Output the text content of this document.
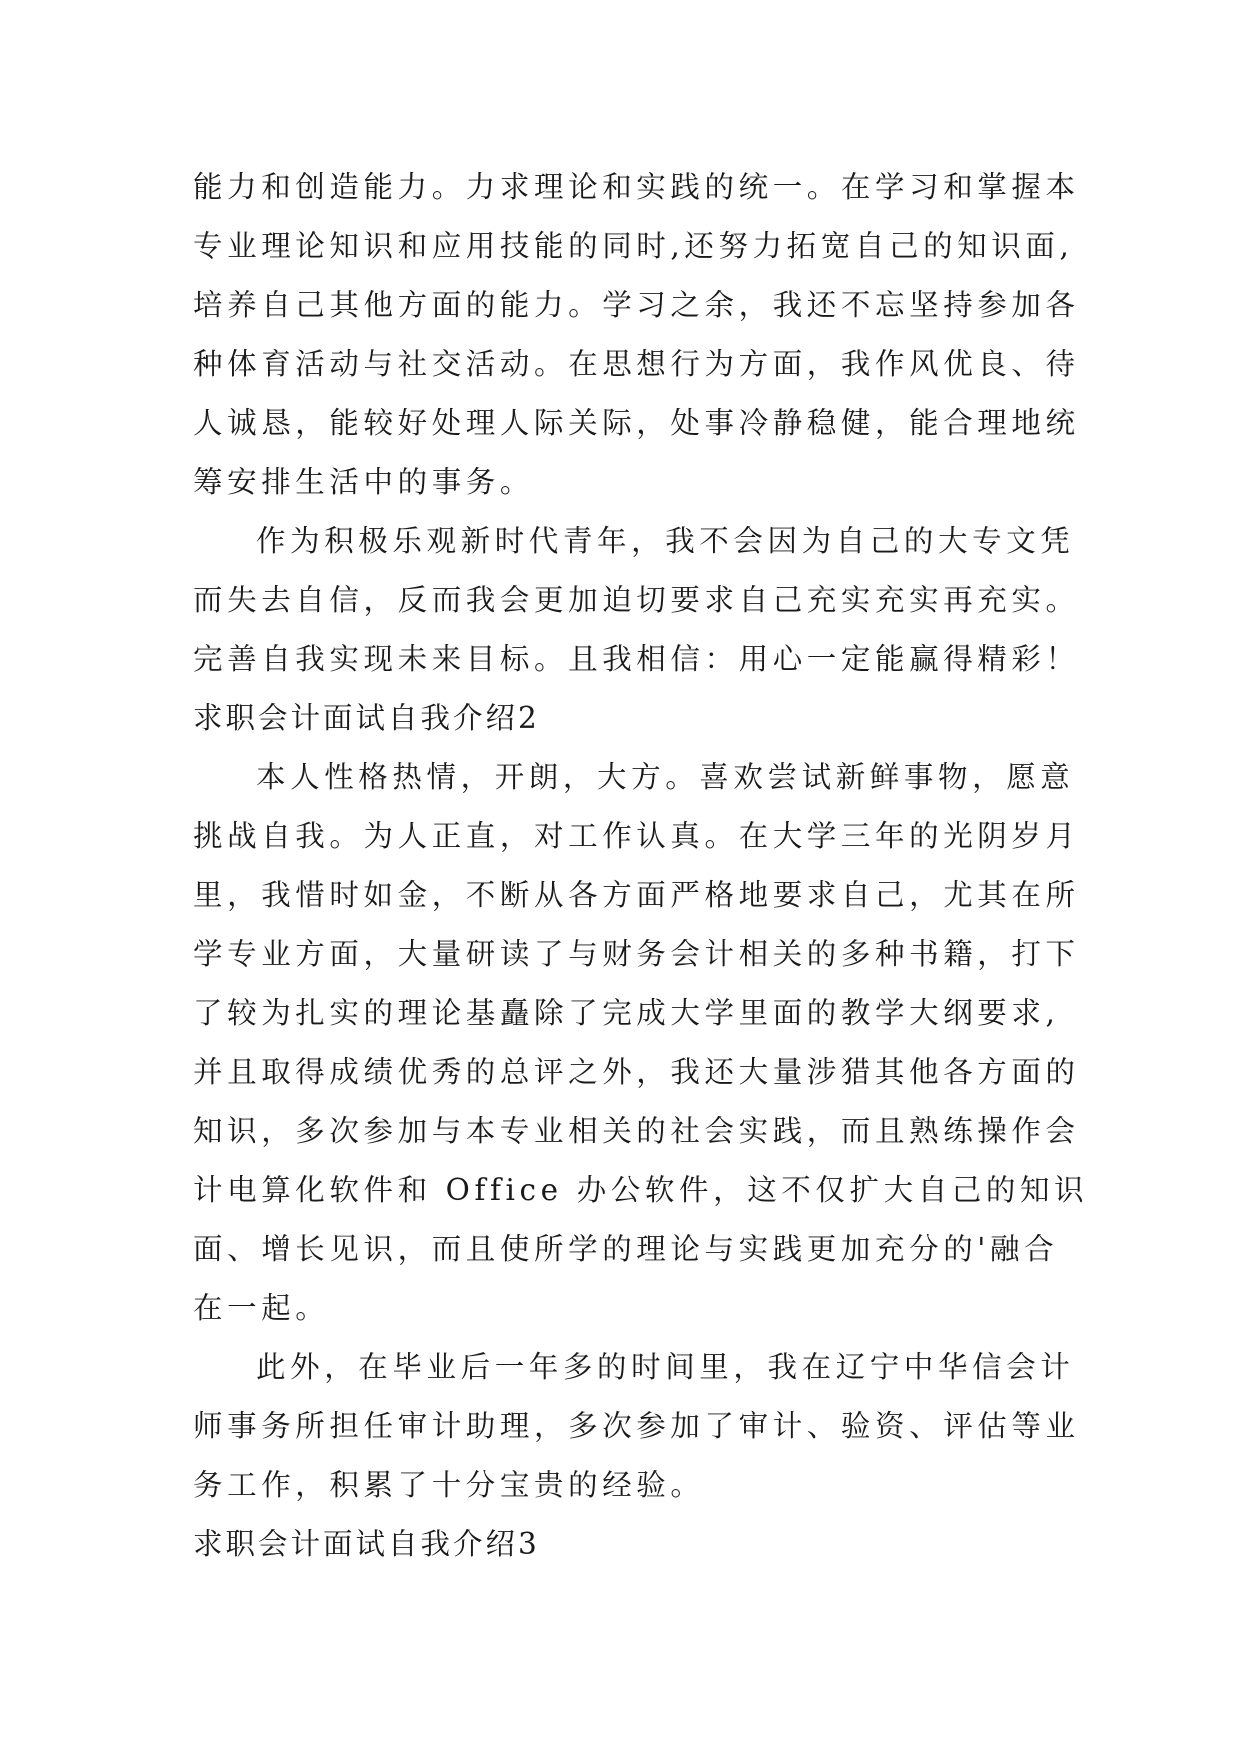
能力和创造能力。力求理论和实践的统一。在学习和掌握本
专业理论知识和应用技能的同时,还努力拓宽自己的知识面,
培养自己其他方面的能力。学习之余，我还不忘坚持参加各
种体育活动与社交活动。在思想行为方面，我作风优良、待
人诚恳，能较好处理人际关际，处事冷静稳健，能合理地统
筹安排生活中的事务。
作为积极乐观新时代青年，我不会因为自己的大专文凭
而失去自信，反而我会更加迫切要求自己充实充实再充实。
完善自我实现未来目标。且我相信：用心一定能赢得精彩！
求职会计面试自我介绍2
本人性格热情，开朗，大方。喜欢尝试新鲜事物，愿意
挑战自我。为人正直，对工作认真。在大学三年的光阴岁月
里，我惜时如金，不断从各方面严格地要求自己，尤其在所
学专业方面，大量研读了与财务会计相关的多种书籍，打下
了较为扎实的理论基矗除了完成大学里面的教学大纲要求,
并且取得成绩优秀的总评之外，我还大量涉猎其他各方面的
知识，多次参加与本专业相关的社会实践，而且熟练操作会
计电算化软件和 Office 办公软件，这不仅扩大自己的知识
面、增长见识，而且使所学的理论与实践更加充分的'融合
在一起。
此外，在毕业后一年多的时间里，我在辽宁中华信会计
师事务所担任审计助理，多次参加了审计、验资、评估等业
务工作，积累了十分宝贵的经验。
求职会计面试自我介绍3
